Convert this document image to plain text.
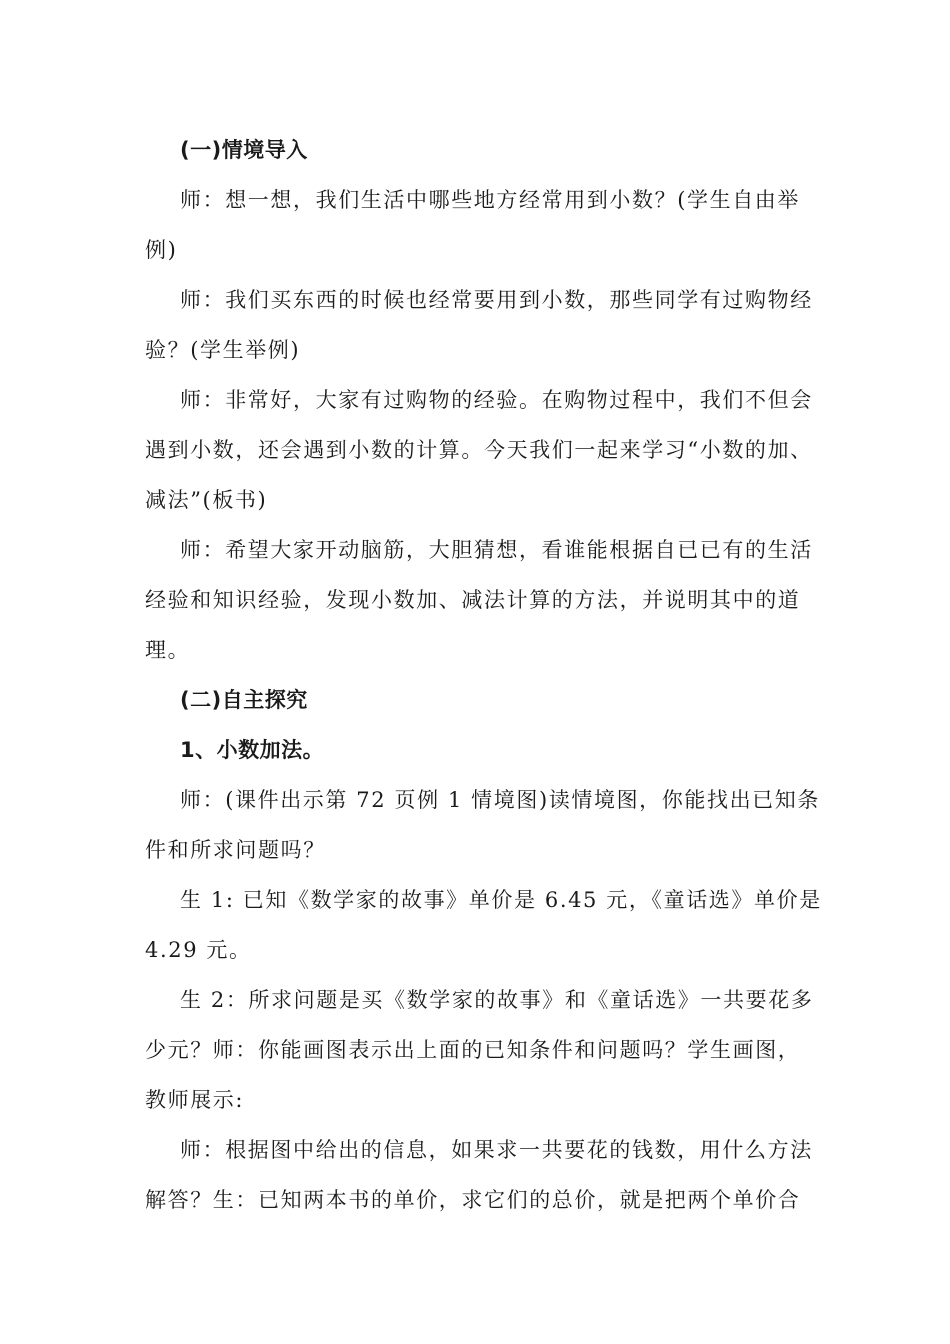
(一)情境导入
师：想一想，我们生活中哪些地方经常用到小数？(学生自由举
例)
师：我们买东西的时候也经常要用到小数，那些同学有过购物经
验？(学生举例)
师：非常好，大家有过购物的经验。在购物过程中，我们不但会
遇到小数，还会遇到小数的计算。今天我们一起来学习“小数的加、
减法”(板书)
师：希望大家开动脑筋，大胆猜想，看谁能根据自已已有的生活
经验和知识经验，发现小数加、减法计算的方法，并说明其中的道
理。
(二)自主探究
1、小数加法。
师：(课件出示第 72 页例 1 情境图)读情境图，你能找出已知条
件和所求问题吗？
生 1: 已知《数学家的故事》单价是 6.45 元，《童话选》单价是
4.29 元。
生 2：所求问题是买《数学家的故事》和《童话选》一共要花多
少元？师：你能画图表示出上面的已知条件和问题吗？学生画图，
教师展示:
师：根据图中给出的信息，如果求一共要花的钱数，用什么方法
解答？生：已知两本书的单价，求它们的总价，就是把两个单价合
